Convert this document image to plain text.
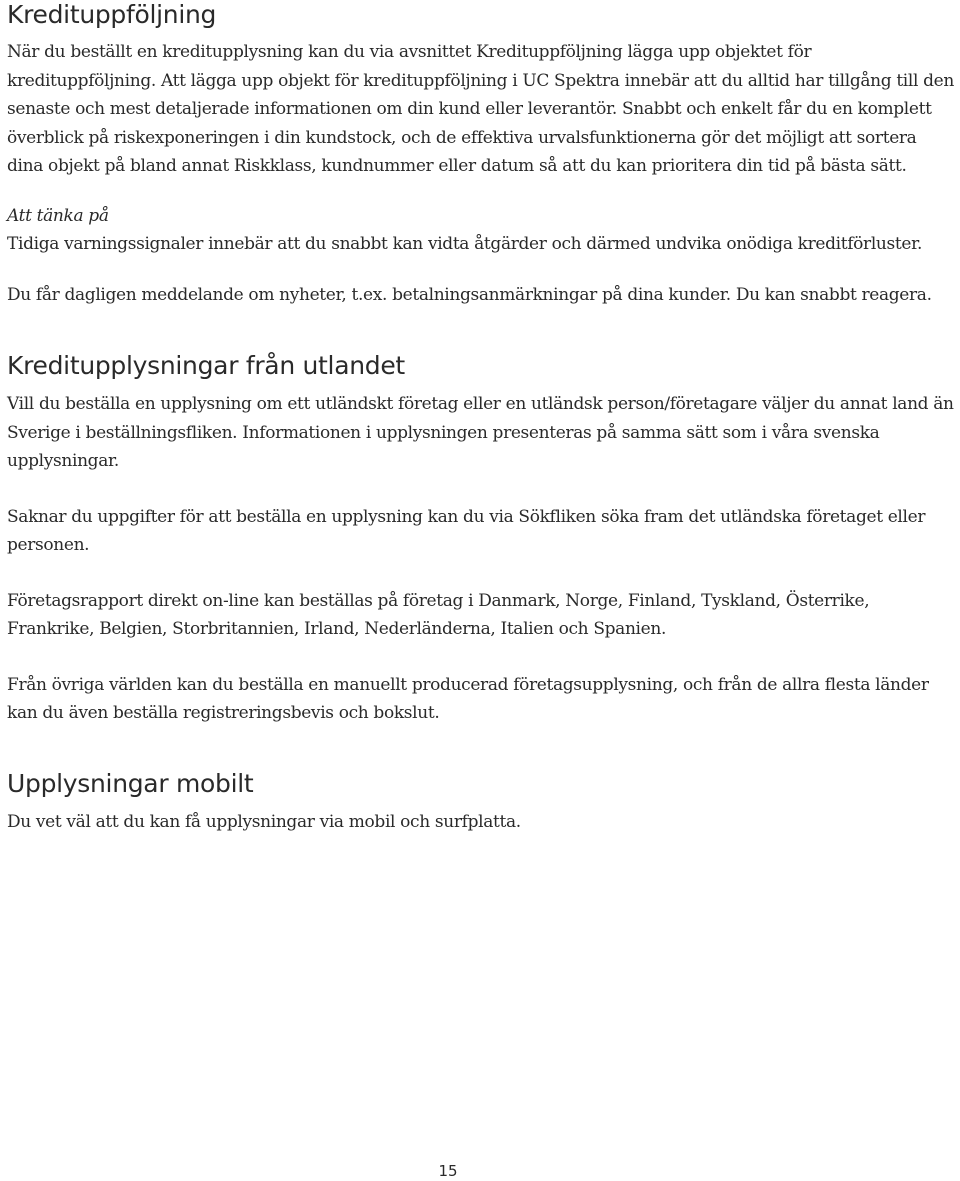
Kredituppföljning

När du beställt en kreditupplysning kan du via avsnittet Kredituppföljning lägga upp objektet för kredituppföljning. Att lägga upp objekt för kredituppföljning i UC Spektra innebär att du alltid har tillgång till den senaste och mest detaljerade informationen om din kund eller leverantör. Snabbt och enkelt får du en komplett överblick på riskexponeringen i din kundstock, och de effektiva urvalsfunktionerna gör det möjligt att sortera dina objekt på bland annat Riskklass, kundnummer eller datum så att du kan prioritera din tid på bästa sätt.

Att tänka på

Tidiga varningssignaler innebär att du snabbt kan vidta åtgärder och därmed undvika onödiga kreditförluster.

Du får dagligen meddelande om nyheter, t.ex. betalningsanmärkningar på dina kunder. Du kan snabbt reagera.

Kreditupplysningar från utlandet

Vill du beställa en upplysning om ett utländskt företag eller en utländsk person/företagare väljer du annat land än Sverige i beställningsfliken. Informationen i upplysningen presenteras på samma sätt som i våra svenska upplysningar.

Saknar du uppgifter för att beställa en upplysning kan du via Sökfliken söka fram det utländska företaget eller personen.

Företagsrapport direkt on-line kan beställas på företag i Danmark, Norge, Finland, Tyskland, Österrike, Frankrike, Belgien, Storbritannien, Irland, Nederländerna, Italien och Spanien.

Från övriga världen kan du beställa en manuellt producerad företagsupplysning, och från de allra flesta länder kan du även beställa registreringsbevis och bokslut.

Upplysningar mobilt

Du vet väl att du kan få upplysningar via mobil och surfplatta.

15
